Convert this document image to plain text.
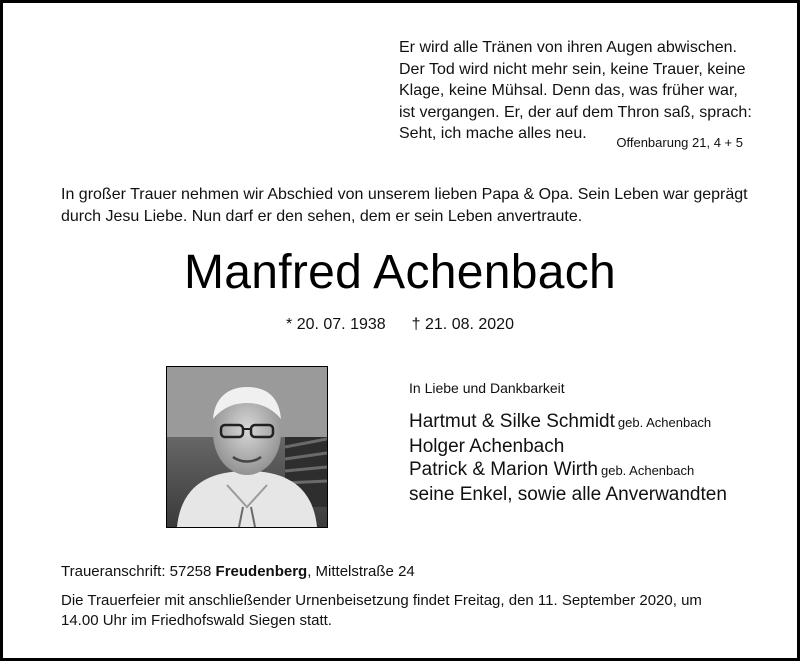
Er wird alle Tränen von ihren Augen abwischen.
Der Tod wird nicht mehr sein, keine Trauer, keine
Klage, keine Mühsal. Denn das, was früher war,
ist vergangen. Er, der auf dem Thron saß, sprach:
Seht, ich mache alles neu.
Offenbarung 21, 4 + 5
In großer Trauer nehmen wir Abschied von unserem lieben Papa & Opa. Sein Leben war geprägt
durch Jesu Liebe. Nun darf er den sehen, dem er sein Leben anvertraute.
Manfred Achenbach
* 20. 07. 1938 † 21. 08. 2020
In Liebe und Dankbarkeit
Hartmut & Silke Schmidt geb. Achenbach
Holger Achenbach
Patrick & Marion Wirth geb. Achenbach
seine Enkel, sowie alle Anverwandten
Traueranschrift: 57258 Freudenberg, Mittelstraße 24
Die Trauerfeier mit anschließender Urnenbeisetzung findet Freitag, den 11. September 2020, um
14.00 Uhr im Friedhofswald Siegen statt.
